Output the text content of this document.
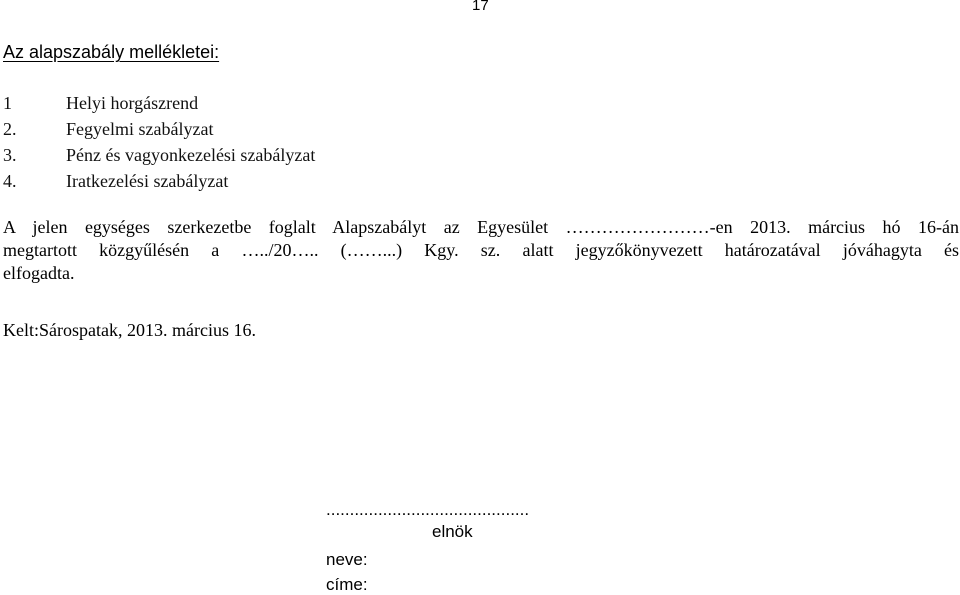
17
Az alapszabály mellékletei:
1	Helyi horgászrend
2.	Fegyelmi szabályzat
3.	Pénz és vagyonkezelési szabályzat
4.	Iratkezelési szabályzat

A jelen egységes szerkezetbe foglalt Alapszabályt az Egyesület ……………………-en 2013. március hó 16-án
megtartott közgyűlésén a …../20….. (……...) Kgy. sz. alatt jegyzőkönyvezett határozatával jóváhagyta és
elfogadta.

Kelt:Sárospatak, 2013. március 16.
...........................................
elnök
neve:
címe:
